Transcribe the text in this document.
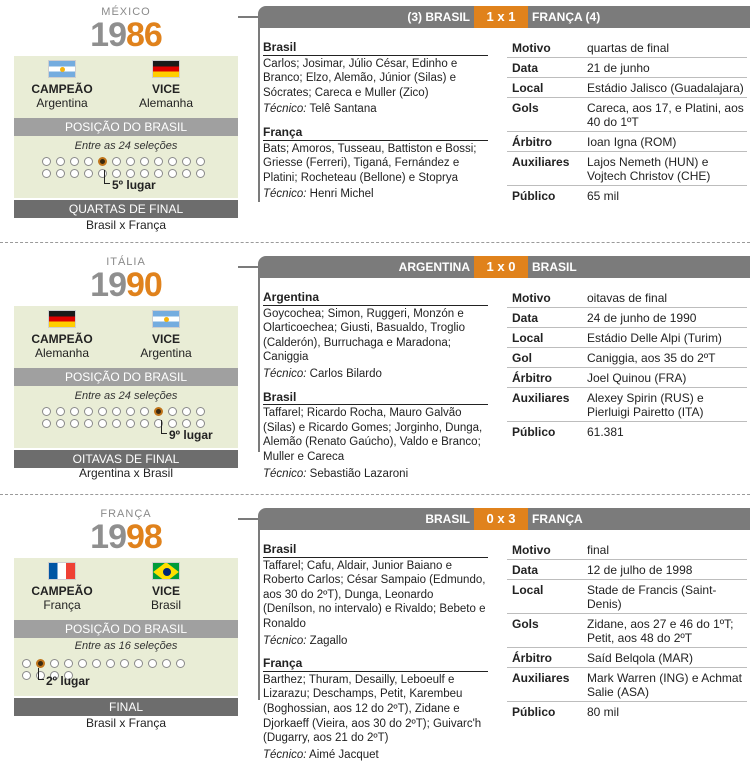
MÉXICO
1986
CAMPEÃO
Argentina
VICE
Alemanha
POSIÇÃO DO BRASIL
Entre as 24 seleções
5º lugar
QUARTAS DE FINAL
Brasil x França
(3) BRASIL	1 x 1	FRANÇA (4)
Brasil
Carlos; Josimar, Júlio César, Edinho e Branco; Elzo, Alemão, Júnior (Silas) e Sócrates; Careca e Muller (Zico)
Técnico: Telê Santana
França
Bats; Amoros, Tusseau, Battiston e Bossi; Griesse (Ferreri), Tiganá, Fernández e Platini; Rocheteau (Bellone) e Stoprya
Técnico: Henri Michel
Motivo	quartas de final
Data	21 de junho
Local	Estádio Jalisco (Guadalajara)
Gols	Careca, aos 17, e Platini, aos 40 do 1ºT
Árbitro	Ioan Igna (ROM)
Auxiliares Lajos Nemeth (HUN) e Vojtech Christov (CHE)
Público	65 mil
ITÁLIA
1990
CAMPEÃO
Alemanha
VICE
Argentina
POSIÇÃO DO BRASIL
Entre as 24 seleções
9º lugar
OITAVAS DE FINAL
Argentina x Brasil
ARGENTINA	1 x 0	BRASIL
Argentina
Goycochea; Simon, Ruggeri, Monzón e Olarticoechea; Giusti, Basualdo, Troglio (Calderón), Burruchaga e Maradona; Caniggia
Técnico: Carlos Bilardo
Brasil
Taffarel; Ricardo Rocha, Mauro Galvão (Silas) e Ricardo Gomes; Jorginho, Dunga, Alemão (Renato Gaúcho), Valdo e Branco; Muller e Careca
Técnico: Sebastião Lazaroni
Motivo	oitavas de final
Data	24 de junho de 1990
Local	Estádio Delle Alpi (Turim)
Gol	Caniggia, aos 35 do 2ºT
Árbitro	Joel Quinou (FRA)
Auxiliares Alexey Spirin (RUS) e Pierluigi Pairetto (ITA)
Público	61.381
FRANÇA
1998
CAMPEÃO
França
VICE
Brasil
POSIÇÃO DO BRASIL
Entre as 16 seleções
2º lugar
FINAL
Brasil x França
BRASIL	0 x 3	FRANÇA
Brasil
Taffarel; Cafu, Aldair, Junior Baiano e Roberto Carlos; César Sampaio (Edmundo, aos 30 do 2ºT), Dunga, Leonardo (Denílson, no intervalo) e Rivaldo; Bebeto e Ronaldo
Técnico: Zagallo
França
Barthez; Thuram, Desailly, Leboeulf e Lizarazu; Deschamps, Petit, Karembeu (Boghossian, aos 12 do 2ºT), Zidane e Djorkaeff (Vieira, aos 30 do 2ºT); Guivarc'h (Dugarry, aos 21 do 2ºT)
Técnico: Aimé Jacquet
Motivo	final
Data	12 de julho de 1998
Local	Stade de Francis (Saint-Denis)
Gols	Zidane, aos 27 e 46 do 1ºT; Petit, aos 48 do 2ºT
Árbitro	Saíd Belqola (MAR)
Auxiliares Mark Warren (ING) e Achmat Salie (ASA)
Público	80 mil
